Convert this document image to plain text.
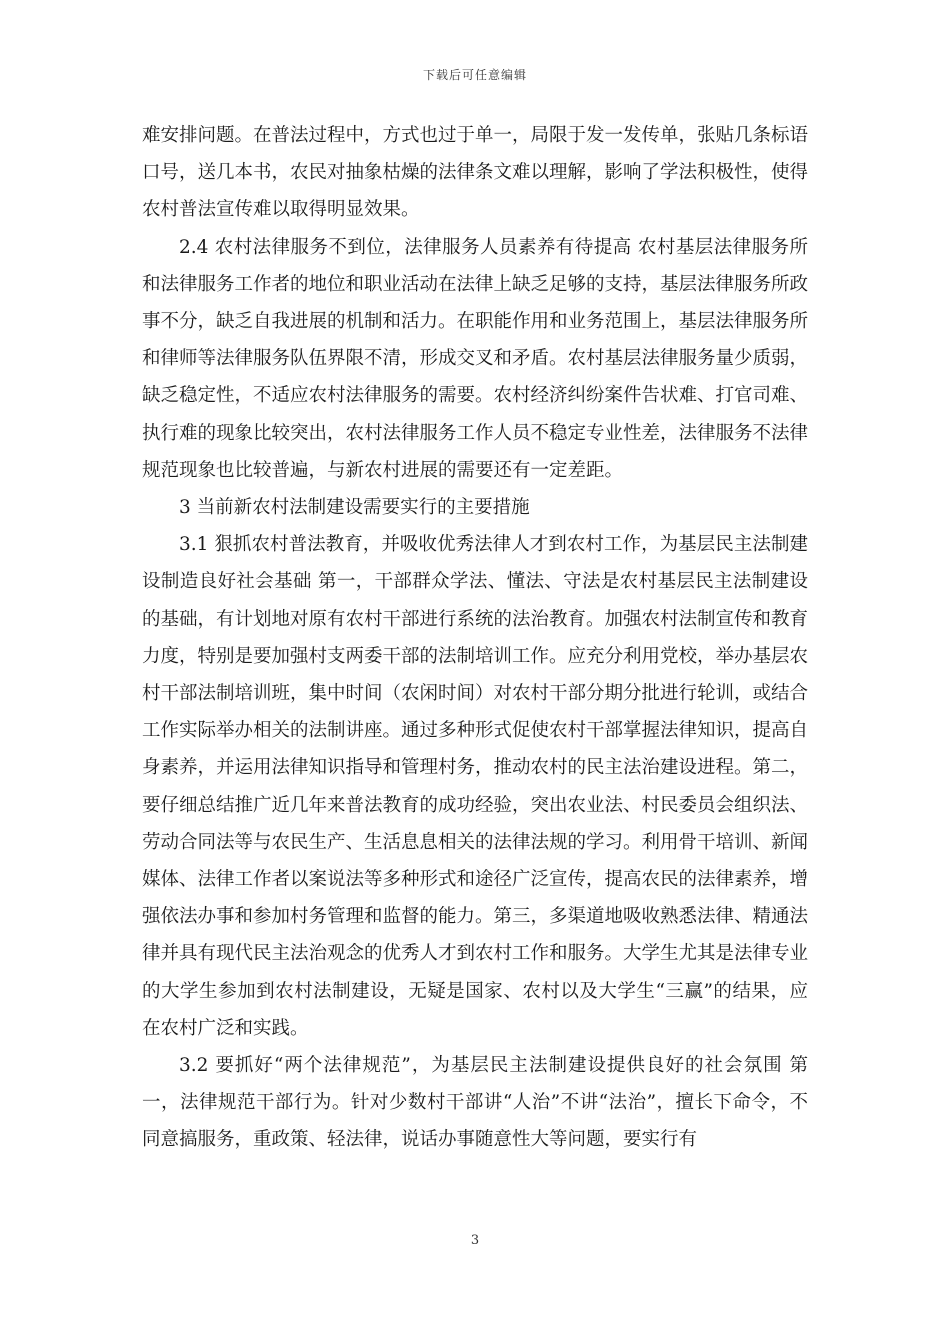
下载后可任意编辑

难安排问题。在普法过程中，方式也过于单一，局限于发一发传单，张贴几条标语口号，送几本书，农民对抽象枯燥的法律条文难以理解，影响了学法积极性，使得农村普法宣传难以取得明显效果。

2.4 农村法律服务不到位，法律服务人员素养有待提高 农村基层法律服务所和法律服务工作者的地位和职业活动在法律上缺乏足够的支持，基层法律服务所政事不分，缺乏自我进展的机制和活力。在职能作用和业务范围上，基层法律服务所和律师等法律服务队伍界限不清，形成交叉和矛盾。农村基层法律服务量少质弱，缺乏稳定性，不适应农村法律服务的需要。农村经济纠纷案件告状难、打官司难、执行难的现象比较突出，农村法律服务工作人员不稳定专业性差，法律服务不法律规范现象也比较普遍，与新农村进展的需要还有一定差距。

3 当前新农村法制建设需要实行的主要措施

3.1 狠抓农村普法教育，并吸收优秀法律人才到农村工作，为基层民主法制建设制造良好社会基础 第一，干部群众学法、懂法、守法是农村基层民主法制建设的基础，有计划地对原有农村干部进行系统的法治教育。加强农村法制宣传和教育力度，特别是要加强村支两委干部的法制培训工作。应充分利用党校，举办基层农村干部法制培训班，集中时间（农闲时间）对农村干部分期分批进行轮训，或结合工作实际举办相关的法制讲座。通过多种形式促使农村干部掌握法律知识，提高自身素养，并运用法律知识指导和管理村务，推动农村的民主法治建设进程。第二，要仔细总结推广近几年来普法教育的成功经验，突出农业法、村民委员会组织法、劳动合同法等与农民生产、生活息息相关的法律法规的学习。利用骨干培训、新闻媒体、法律工作者以案说法等多种形式和途径广泛宣传，提高农民的法律素养，增强依法办事和参加村务管理和监督的能力。第三，多渠道地吸收熟悉法律、精通法律并具有现代民主法治观念的优秀人才到农村工作和服务。大学生尤其是法律专业的大学生参加到农村法制建设，无疑是国家、农村以及大学生“三赢”的结果，应在农村广泛和实践。

3.2 要抓好“两个法律规范”，为基层民主法制建设提供良好的社会氛围 第一，法律规范干部行为。针对少数村干部讲“人治”不讲“法治”，擅长下命令，不同意搞服务，重政策、轻法律，说话办事随意性大等问题，要实行有

3
